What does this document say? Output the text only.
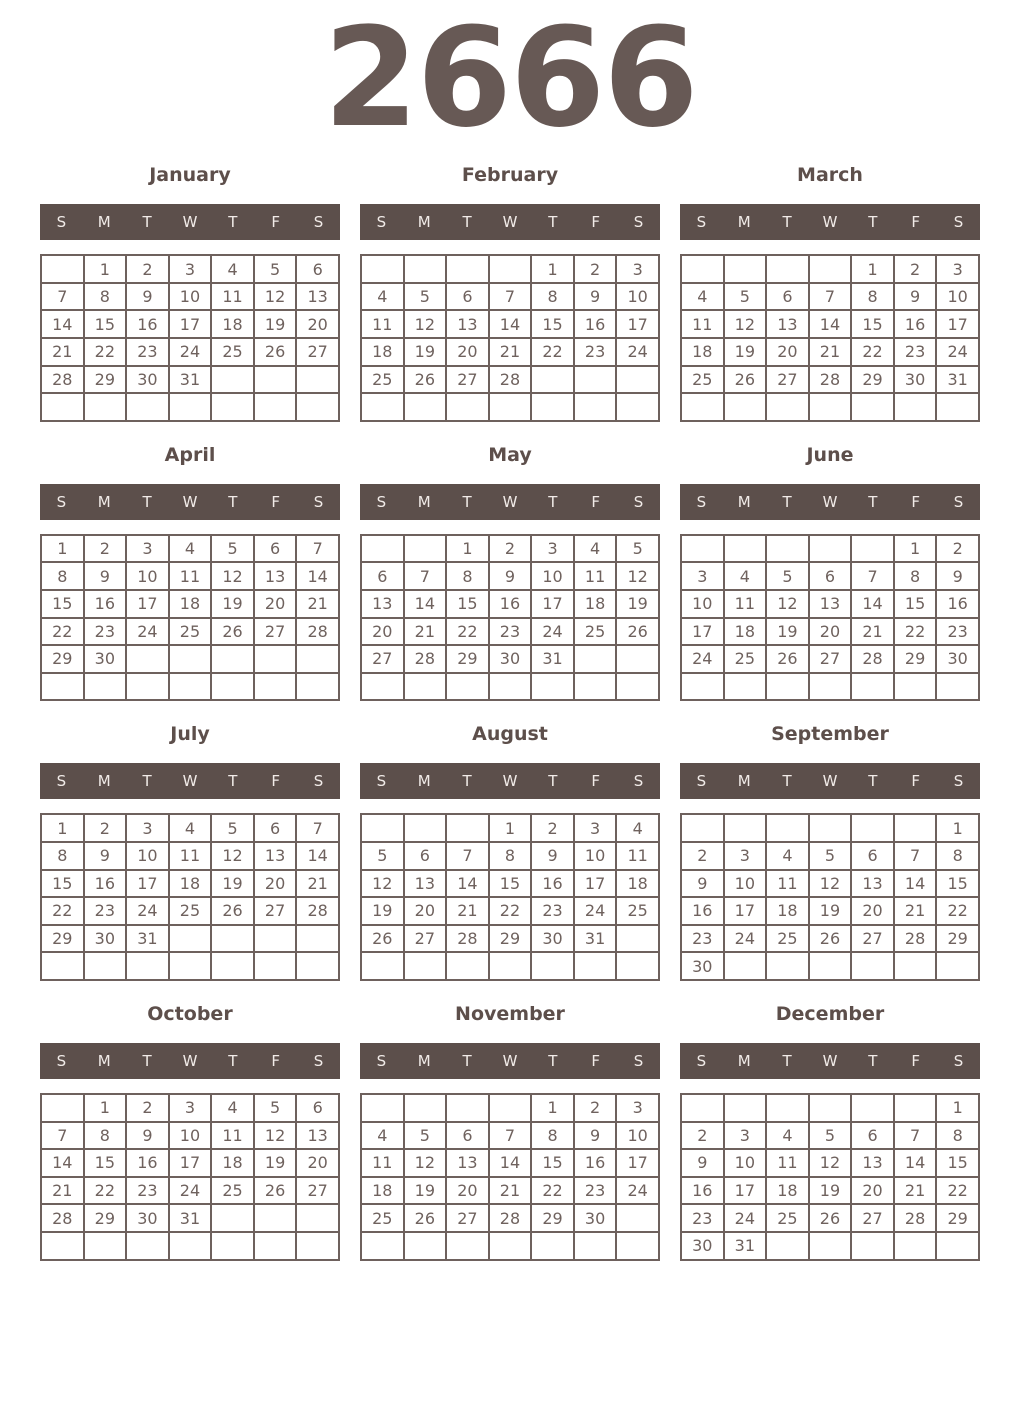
2666
January
S	M	T	W	T	F	S
	1	2	3	4	5	6
7	8	9	10	11	12	13
14	15	16	17	18	19	20
21	22	23	24	25	26	27
28	29	30	31			

February
S	M	T	W	T	F	S
				1	2	3
4	5	6	7	8	9	10
11	12	13	14	15	16	17
18	19	20	21	22	23	24
25	26	27	28			

March
S	M	T	W	T	F	S
				1	2	3
4	5	6	7	8	9	10
11	12	13	14	15	16	17
18	19	20	21	22	23	24
25	26	27	28	29	30	31

April
S	M	T	W	T	F	S
1	2	3	4	5	6	7
8	9	10	11	12	13	14
15	16	17	18	19	20	21
22	23	24	25	26	27	28
29	30					

May
S	M	T	W	T	F	S
		1	2	3	4	5
6	7	8	9	10	11	12
13	14	15	16	17	18	19
20	21	22	23	24	25	26
27	28	29	30	31		

June
S	M	T	W	T	F	S
					1	2
3	4	5	6	7	8	9
10	11	12	13	14	15	16
17	18	19	20	21	22	23
24	25	26	27	28	29	30

July
S	M	T	W	T	F	S
1	2	3	4	5	6	7
8	9	10	11	12	13	14
15	16	17	18	19	20	21
22	23	24	25	26	27	28
29	30	31				

August
S	M	T	W	T	F	S
			1	2	3	4
5	6	7	8	9	10	11
12	13	14	15	16	17	18
19	20	21	22	23	24	25
26	27	28	29	30	31	

September
S	M	T	W	T	F	S
						1
2	3	4	5	6	7	8
9	10	11	12	13	14	15
16	17	18	19	20	21	22
23	24	25	26	27	28	29
30						
October
S	M	T	W	T	F	S
	1	2	3	4	5	6
7	8	9	10	11	12	13
14	15	16	17	18	19	20
21	22	23	24	25	26	27
28	29	30	31			

November
S	M	T	W	T	F	S
				1	2	3
4	5	6	7	8	9	10
11	12	13	14	15	16	17
18	19	20	21	22	23	24
25	26	27	28	29	30	

December
S	M	T	W	T	F	S
						1
2	3	4	5	6	7	8
9	10	11	12	13	14	15
16	17	18	19	20	21	22
23	24	25	26	27	28	29
30	31					
